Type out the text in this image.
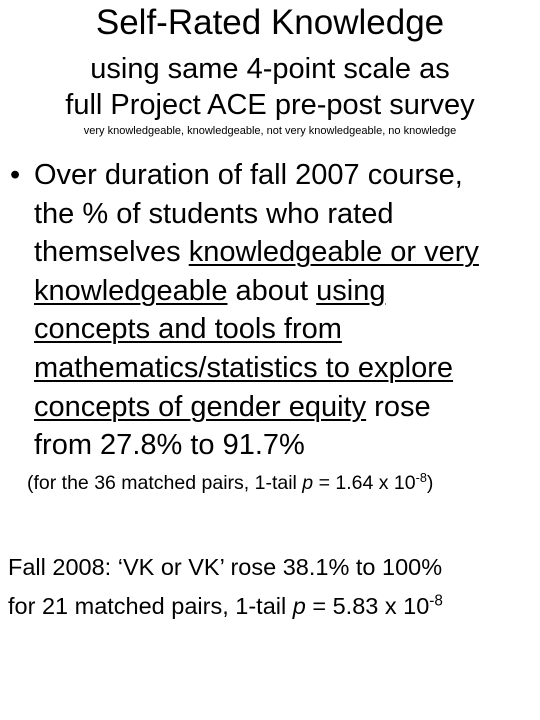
Self-Rated Knowledge
using same 4-point scale as
full Project ACE pre-post survey
very knowledgeable, knowledgeable, not very knowledgeable, no knowledge
• Over duration of fall 2007 course,
the % of students who rated
themselves knowledgeable or very
knowledgeable about using
concepts and tools from
mathematics/statistics to explore
concepts of gender equity rose
from 27.8% to 91.7%
(for the 36 matched pairs, 1-tail p = 1.64 x $10^{-8}$)
Fall 2008: ‘VK or VK’ rose 38.1% to 100%
for 21 matched pairs, 1-tail p = 5.83 x $10^{-8}$
